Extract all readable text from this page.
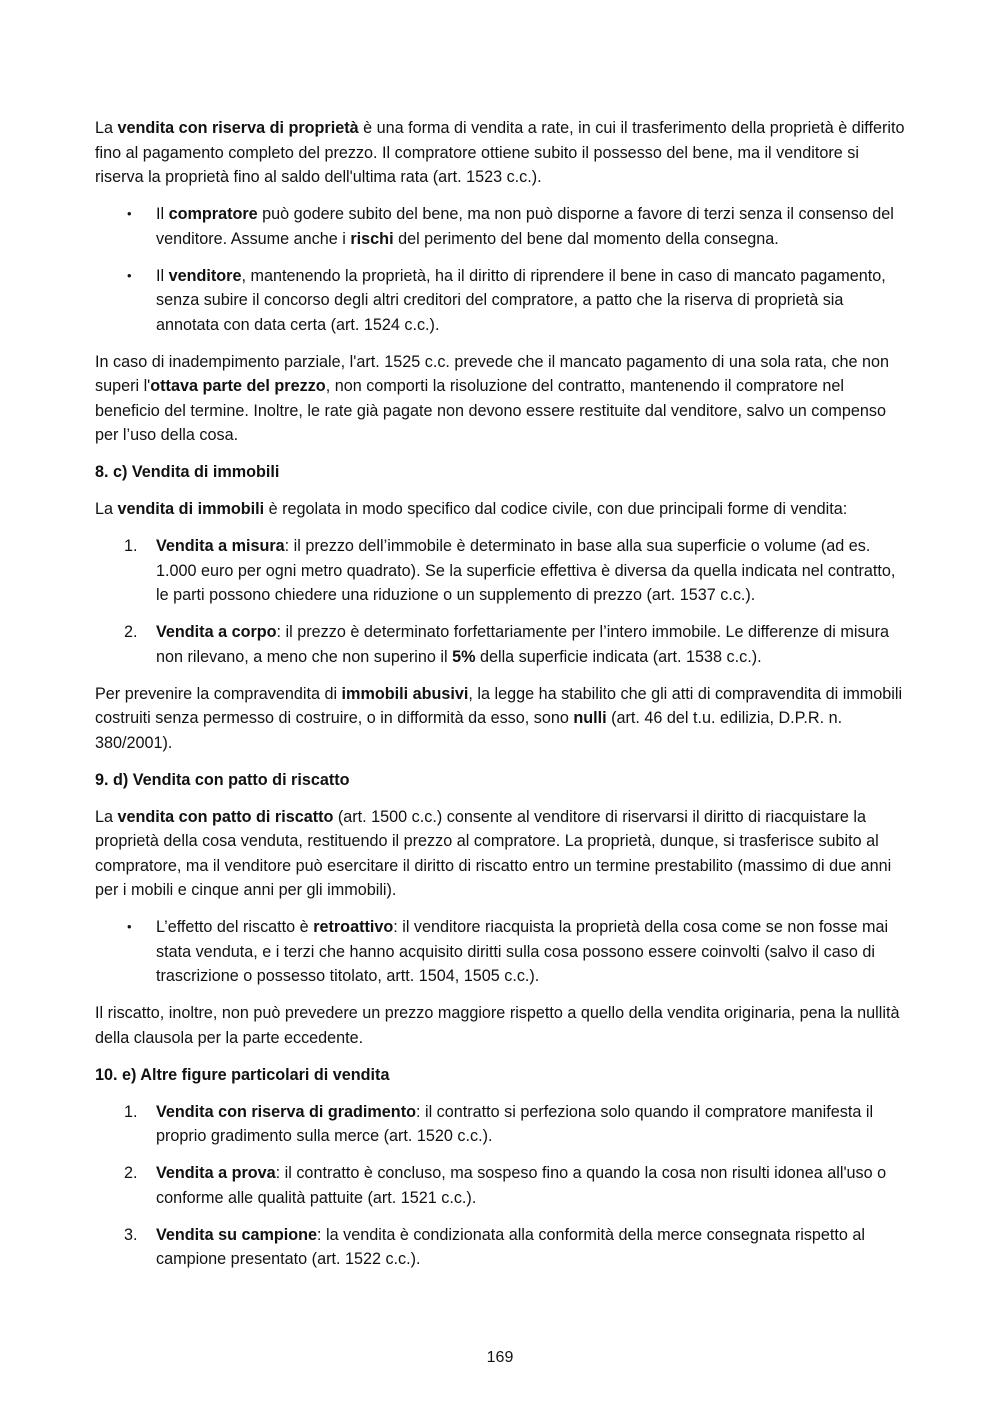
La vendita con riserva di proprietà è una forma di vendita a rate, in cui il trasferimento della proprietà è differito fino al pagamento completo del prezzo. Il compratore ottiene subito il possesso del bene, ma il venditore si riserva la proprietà fino al saldo dell'ultima rata (art. 1523 c.c.).

• Il compratore può godere subito del bene, ma non può disporne a favore di terzi senza il consenso del venditore. Assume anche i rischi del perimento del bene dal momento della consegna.
• Il venditore, mantenendo la proprietà, ha il diritto di riprendere il bene in caso di mancato pagamento, senza subire il concorso degli altri creditori del compratore, a patto che la riserva di proprietà sia annotata con data certa (art. 1524 c.c.).

In caso di inadempimento parziale, l'art. 1525 c.c. prevede che il mancato pagamento di una sola rata, che non superi l'ottava parte del prezzo, non comporti la risoluzione del contratto, mantenendo il compratore nel beneficio del termine. Inoltre, le rate già pagate non devono essere restituite dal venditore, salvo un compenso per l’uso della cosa.

8. c) Vendita di immobili

La vendita di immobili è regolata in modo specifico dal codice civile, con due principali forme di vendita:

1. Vendita a misura: il prezzo dell’immobile è determinato in base alla sua superficie o volume (ad es. 1.000 euro per ogni metro quadrato). Se la superficie effettiva è diversa da quella indicata nel contratto, le parti possono chiedere una riduzione o un supplemento di prezzo (art. 1537 c.c.).
2. Vendita a corpo: il prezzo è determinato forfettariamente per l’intero immobile. Le differenze di misura non rilevano, a meno che non superino il 5% della superficie indicata (art. 1538 c.c.).

Per prevenire la compravendita di immobili abusivi, la legge ha stabilito che gli atti di compravendita di immobili costruiti senza permesso di costruire, o in difformità da esso, sono nulli (art. 46 del t.u. edilizia, D.P.R. n. 380/2001).

9. d) Vendita con patto di riscatto

La vendita con patto di riscatto (art. 1500 c.c.) consente al venditore di riservarsi il diritto di riacquistare la proprietà della cosa venduta, restituendo il prezzo al compratore. La proprietà, dunque, si trasferisce subito al compratore, ma il venditore può esercitare il diritto di riscatto entro un termine prestabilito (massimo di due anni per i mobili e cinque anni per gli immobili).

• L’effetto del riscatto è retroattivo: il venditore riacquista la proprietà della cosa come se non fosse mai stata venduta, e i terzi che hanno acquisito diritti sulla cosa possono essere coinvolti (salvo il caso di trascrizione o possesso titolato, artt. 1504, 1505 c.c.).

Il riscatto, inoltre, non può prevedere un prezzo maggiore rispetto a quello della vendita originaria, pena la nullità della clausola per la parte eccedente.

10. e) Altre figure particolari di vendita

1. Vendita con riserva di gradimento: il contratto si perfeziona solo quando il compratore manifesta il proprio gradimento sulla merce (art. 1520 c.c.).
2. Vendita a prova: il contratto è concluso, ma sospeso fino a quando la cosa non risulti idonea all'uso o conforme alle qualità pattuite (art. 1521 c.c.).
3. Vendita su campione: la vendita è condizionata alla conformità della merce consegnata rispetto al campione presentato (art. 1522 c.c.).
169
